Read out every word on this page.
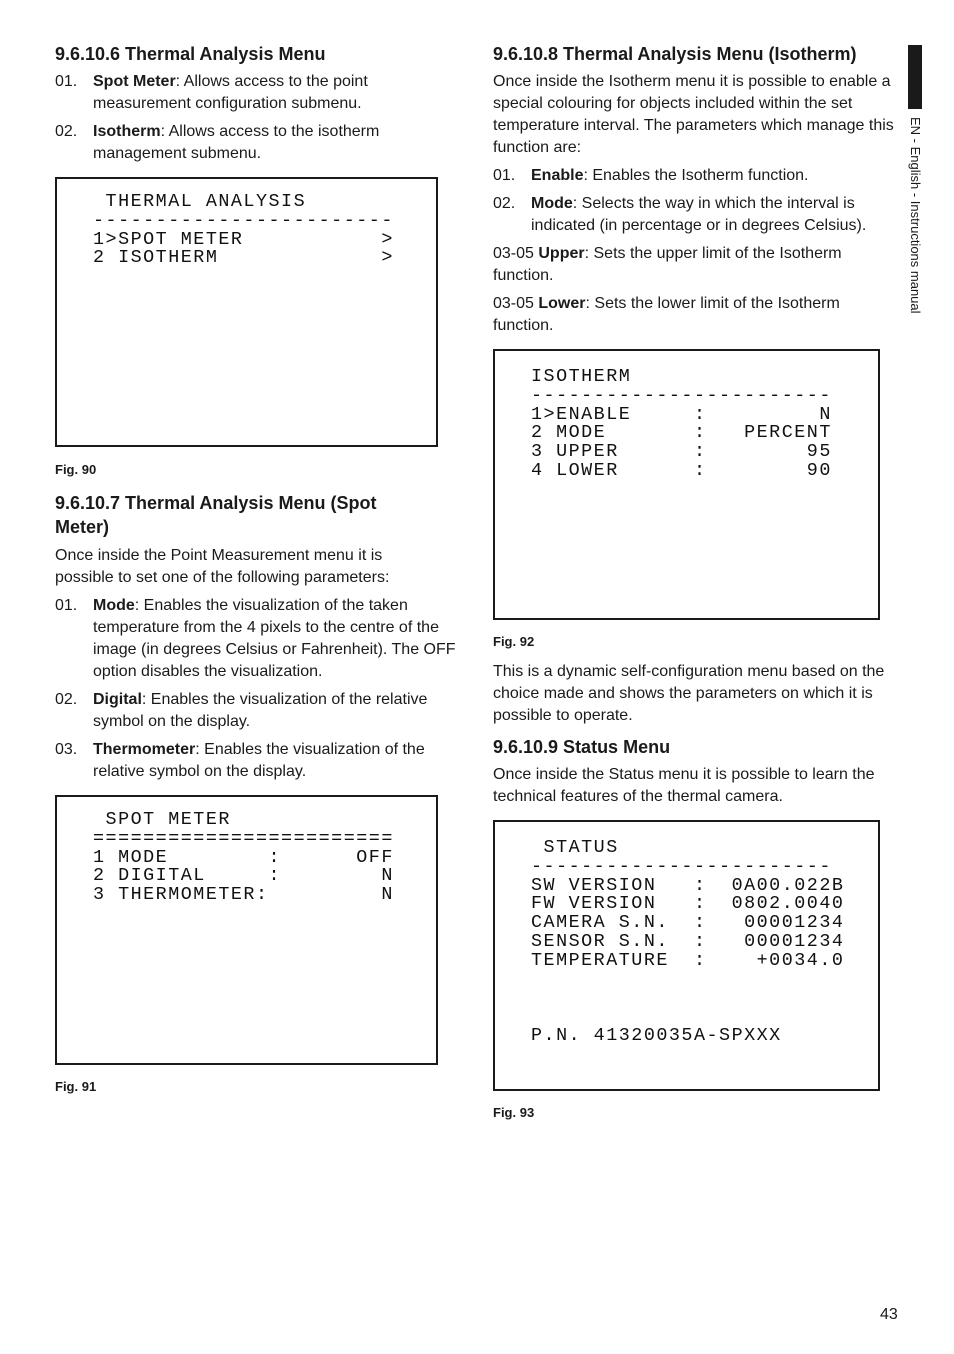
EN - English - Instructions manual
9.6.10.6 Thermal Analysis Menu
01. Spot Meter: Allows access to the point measurement configuration submenu.
02. Isotherm: Allows access to the isotherm management submenu.
THERMAL ANALYSIS
------------------------
1>SPOT METER           >
2 ISOTHERM             >
Fig. 90
9.6.10.7 Thermal Analysis Menu (Spot
Meter)

Once inside the Point Measurement menu it is possible to set one of the following parameters:

01. Mode: Enables the visualization of the taken temperature from the 4 pixels to the centre of the image (in degrees Celsius or Fahrenheit). The OFF option disables the visualization.
02. Digital: Enables the visualization of the relative symbol on the display.
03. Thermometer: Enables the visualization of the relative symbol on the display.
SPOT METER
========================
1 MODE        :      OFF
2 DIGITAL     :        N
3 THERMOMETER:         N
Fig. 91
9.6.10.8 Thermal Analysis Menu (Isotherm)

Once inside the Isotherm menu it is possible to enable a special colouring for objects included within the set temperature interval. The parameters which manage this function are:

01. Enable: Enables the Isotherm function.
02. Mode: Selects the way in which the interval is indicated (in percentage or in degrees Celsius).

03-05 Upper: Sets the upper limit of the Isotherm function.

03-05 Lower: Sets the lower limit of the Isotherm function.

ISOTHERM
------------------------
1>ENABLE     :         N
2 MODE       :   PERCENT
3 UPPER      :        95
4 LOWER      :        90
Fig. 92

This is a dynamic self-configuration menu based on the choice made and shows the parameters on which it is possible to operate.

9.6.10.9 Status Menu

Once inside the Status menu it is possible to learn the technical features of the thermal camera.

STATUS
------------------------
SW VERSION   :  0A00.022B
FW VERSION   :  0802.0040
CAMERA S.N.  :   00001234
SENSOR S.N.  :   00001234
TEMPERATURE  :    +0034.0

P.N. 41320035A-SPXXX
Fig. 93
43
